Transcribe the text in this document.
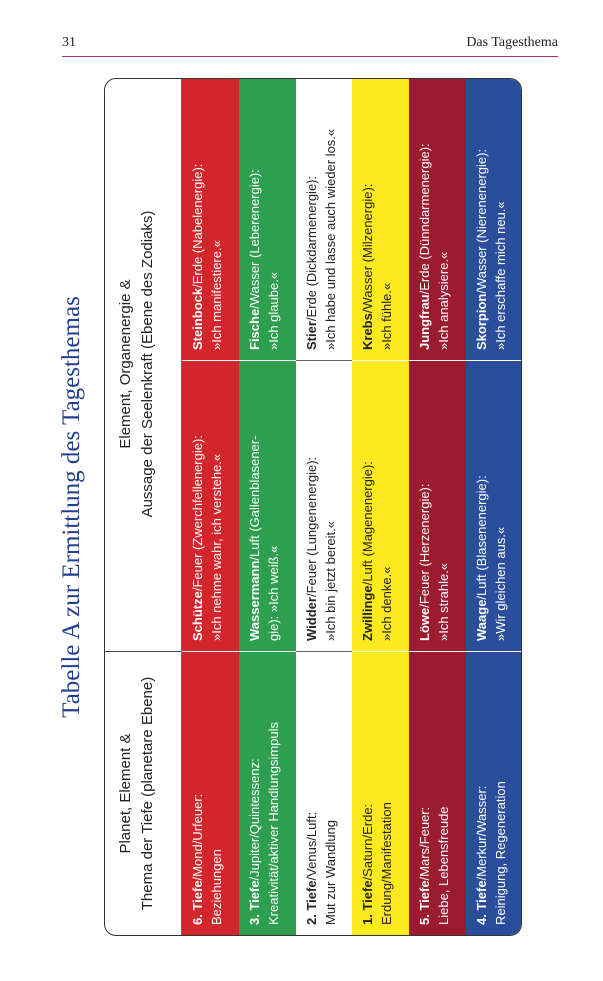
31	Das Tagesthema
Tabelle A zur Ermittlung des Tagesthemas
Planet, Element & Thema der Tiefe (planetare Ebene)
Element, Organenergie & Aussage der Seelenkraft (Ebene des Zodiaks)
6. Tiefe/Mond/Urfeuer:
Beziehungen
Schütze/Feuer (Zwerchfellenergie): »Ich nehme wahr, ich verstehe.«
Steinbock/Erde (Nabelenergie):
»Ich manifestiere.«
3. Tiefe/Jupiter/Quintessenz: Kreativität/aktiver Handlungsimpuls
Wassermann/Luft (Gallenblasener-
gie): »Ich weiß.«
Fische/Wasser (Leberenergie):
»Ich glaube.«
2. Tiefe/Venus/Luft: Mut zur Wandlung
Widder/Feuer (Lungenenergie): »Ich bin jetzt bereit.«
Stier/Erde (Dickdarmenergie): »Ich habe und lasse auch wieder los.«
1. Tiefe/Saturn/Erde: Erdung/Manifestation
Zwillinge/Luft (Magenenergie):
»Ich denke.«
Krebs/Wasser (Milzenergie):
»Ich fühle.«
5. Tiefe/Mars/Feuer: Liebe, Lebensfreude
Löwe/Feuer (Herzenergie): »Ich strahle.«
Jungfrau/Erde (Dünndarmenergie):
»Ich analysiere.«
4. Tiefe/Merkur/Wasser: Reinigung, Regeneration
Waage/Luft (Blasenenergie): »Wir gleichen aus.«
Skorpion/Wasser (Nierenenergie): »Ich erschaffe mich neu.«
